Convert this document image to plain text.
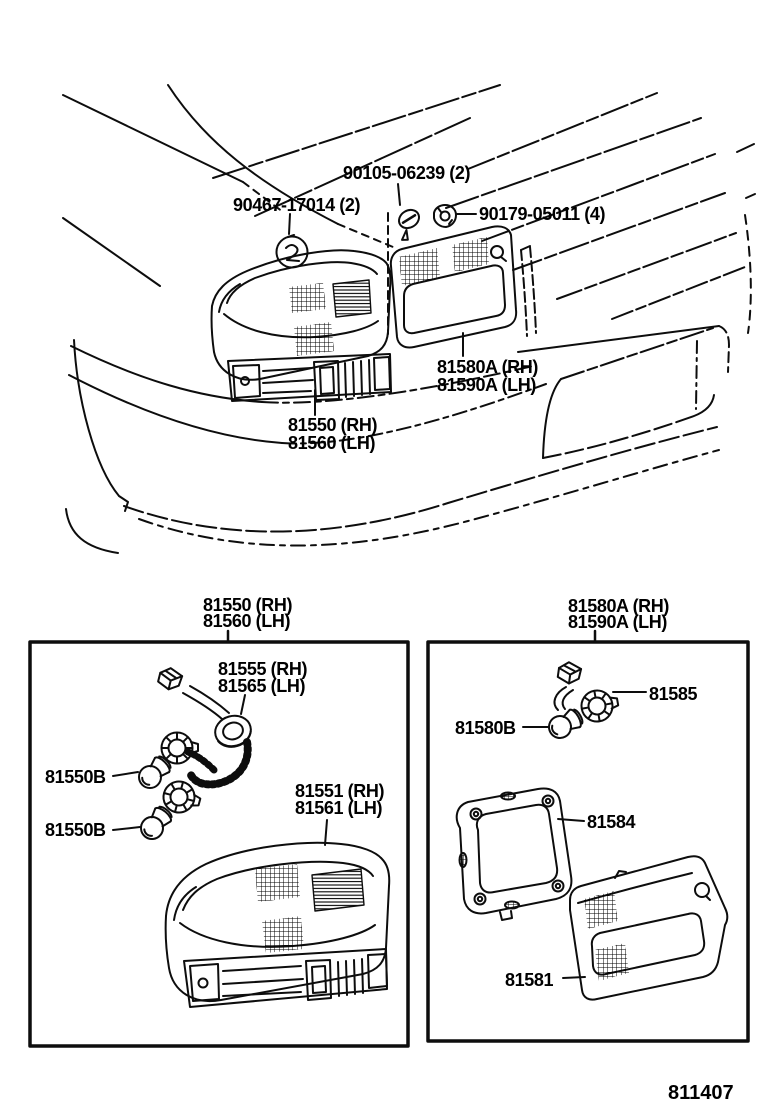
90105-06239 (2)
90467-17014 (2)	90179-05011 (4)
81580A (RH)
81590A (LH)
81550 (RH)
81560 (LH)
81550 (RH)
81560 (LH)
81555 (RH)
81565 (LH)
81550B
81550B
81551 (RH)
81561 (LH)
81580A (RH)
81590A (LH)
81585
81580B
81584
81581
811407
